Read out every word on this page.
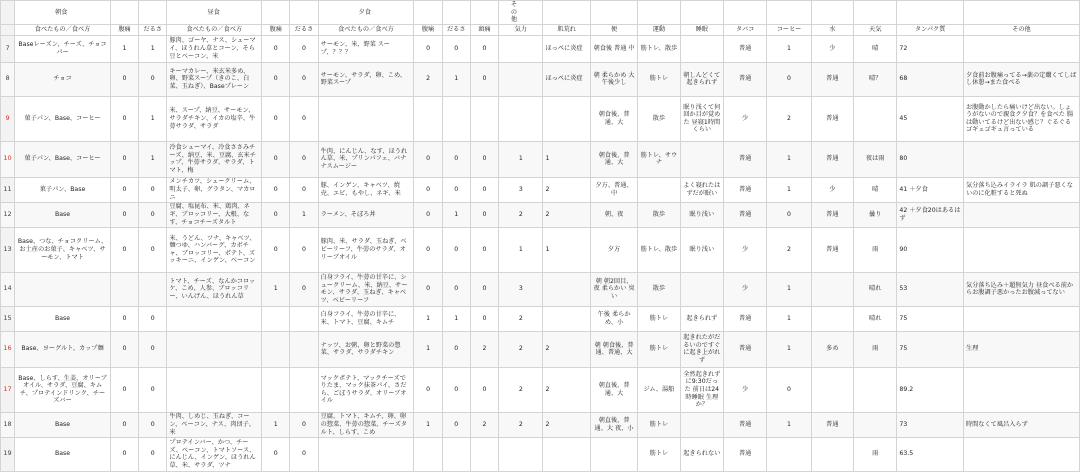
	朝食			昼食			夕食			その他											
	食べたもの／食べ方	腹痛	だるさ	食べたもの／食べ方	腹痛	だるさ	食べたもの／食べ方	腹痛	だるさ	頭痛	気力	肌荒れ	便	運動	睡眠	タバコ	コーヒー	水	天気	タンパク質	その他
7	Baseレーズン、チーズ、チョコパー	1	1	豚肉、ゴーヤ、ナス、シューマイ、ほうれん草とコーン、そら豆とベーコン、米	0	0	サーモン、米、野菜 スープ、？？？	0	0	0		ほっぺに炎症	朝食後 普通 中	筋トレ、散歩		普通	1	少	晴	72	
8	チョコ	0	0	キーマカレー、米玄米多め、卵、野菜スープ（きのこ、白菜、玉ねぎ）、Baseプレーン	0	0	サーモン、サラダ、卵、こめ、野菜スープ	2	1	0		ほっぺに炎症	朝 柔らかめ 大 午後少し	筋トレ	朝しんどくて起きられず	普通	0	普通	晴？	68	夕食前お腹痛ってる→薬の定購くてしばし休憩→また食べる
9	菓子パン、Base、コーヒー	0	1	米、スープ、納豆、サーモン、サラダチキン、イカの塩辛、牛蒡サラダ、サラダ	0	0							朝食後、普通、大	散歩	眠り浅くて何回か目が覚めた 昼寝1時間くらい	少	2	普通		45	お腹動かしたら痛いけど出ない。しょうがないので親食ク夕食？を食べた 腸は動いてるけど出ない感じ？ぐるぐるゴギュゴギュ言っている
10	菓子パン、Base、コーヒー	0	1	冷食シューマイ、冷食ささみチーズ、納豆、米、豆腐、玄米チップ、牛蒡サラダ、サラダ、トマト、梅	0	0	牛肉、にんじん、なす、ほうれん草、米、プリンパフェ、バナナスムージー	0	0	0	1	1	朝食後、普通、大	筋トレ、サウナ		普通	1	普通	夜は雨	80	
11	菓子パン、Base	0	0	メンチカツ、シュークリーム、明太子、卵、グラタン、マカロニ	0	0	豚、インゲン、キャベツ、焼売、エビ、もやし、ネギ、米	0	0	0	3	2	夕方、普通、中		よく寝れたはずだが眠い	普通	1	少	晴	41 ＋夕食	気分落ち込みイライラ 肌の調子悪くないのに化粧すると死ぬ
12	Base	0	0	豆腐、塩昆布、米、鶏肉、ネギ、ブロッコリー、大根、なす、チョコチーズタルト	0	1	ラーメン、そぼろ丼	0	1	0	2	2	朝、夜	散歩	眠り浅い	普通	0	普通	曇り	42 ＋夕食20はあるはず	
13	Base、つな、チョコクリーム、お土産のお菓子、キャベツ、サーモン、トマト	0	0	米、うどん、ツナ、キャベツ、麺つゆ、ハンバーグ、カボチャ、ブロッコリー、ポテト、ズッキーニ、インゲン、ベーコン	0	0	豚肉、米、サラダ、玉ねぎ、ベビーリーフ、牛蒡のサラダ、オリーブオイル	0	0	0	1	1	夕方	筋トレ、散歩	眠り浅い	少	2	普通	雨	90	
14				トマト、チーズ、なんかコロッケ、こめ、人参、ブロッコリー、いんげん、ほうれん草	1	0	白身フライ、牛蒡の甘辛に、シュークリーム、米、納豆、サーモン、サラダ、玉ねぎ、キャベツ、ベビーリーフ	0	0	0	3		朝 朝2回目、夜 柔らかい 臭い	散歩		少	1		晴れ	53	気分落ち込み＋超無気力 昼食べる前からお腹調子悪かったお腹減ってない
15	Base	0	0				白身フライ、牛蒡の甘辛に、米、トマト、豆腐、キムチ	1	1	0	2		午後 柔らかめ、小	筋トレ	起きられず	普通	1		晴れ	75	
16	Base、ヨーグルト、カップ麺	0	0				ナッツ、お粥、卵と野菜の惣菜、サラダ、サラダチキン	1	0	2	2	2	朝 朝食後、普通、普通、大	筋トレ	起きれたがだるいのですぐに起き上がれず	普通	1	多め	雨	75	生理
17	Base、しらす、生姜、オリーブオイル、サラダ、豆腐、キムチ、プロテインドリンク、チーズバー	0	0				マックポテト、マックチーズでりたま、マック抹茶パイ、さだら、ごぼうサラダ、オリーブオイル	0	0	0	2	2	朝直後、普通、大	ジム、湯船	全然起きれずに9:30だった 前日は24時睡眠 生理か？	少	0			89.2	
18	Base	0	0	牛肉、しめじ、玉ねぎ、コーン、ベーコン、ナス、肉団子、米	1	0	豆腐、トマト、キムチ、卵、卵の惣菜、牛蒡の惣菜、チーズタルト、しらす、こめ	1	0	2	2	2	朝直後、普通、大 夜、小	筋トレ		普通	1	普通		73	時間なくて風呂入らず
19	Base	0	0	プロテインバー、かつ、チーズ、ベーコン、トマトソース、にんじん、インゲン、ほうれん草、米、サラダ、ツナ	0	0								筋トレ	起きられない	普通			雨	63.5	
